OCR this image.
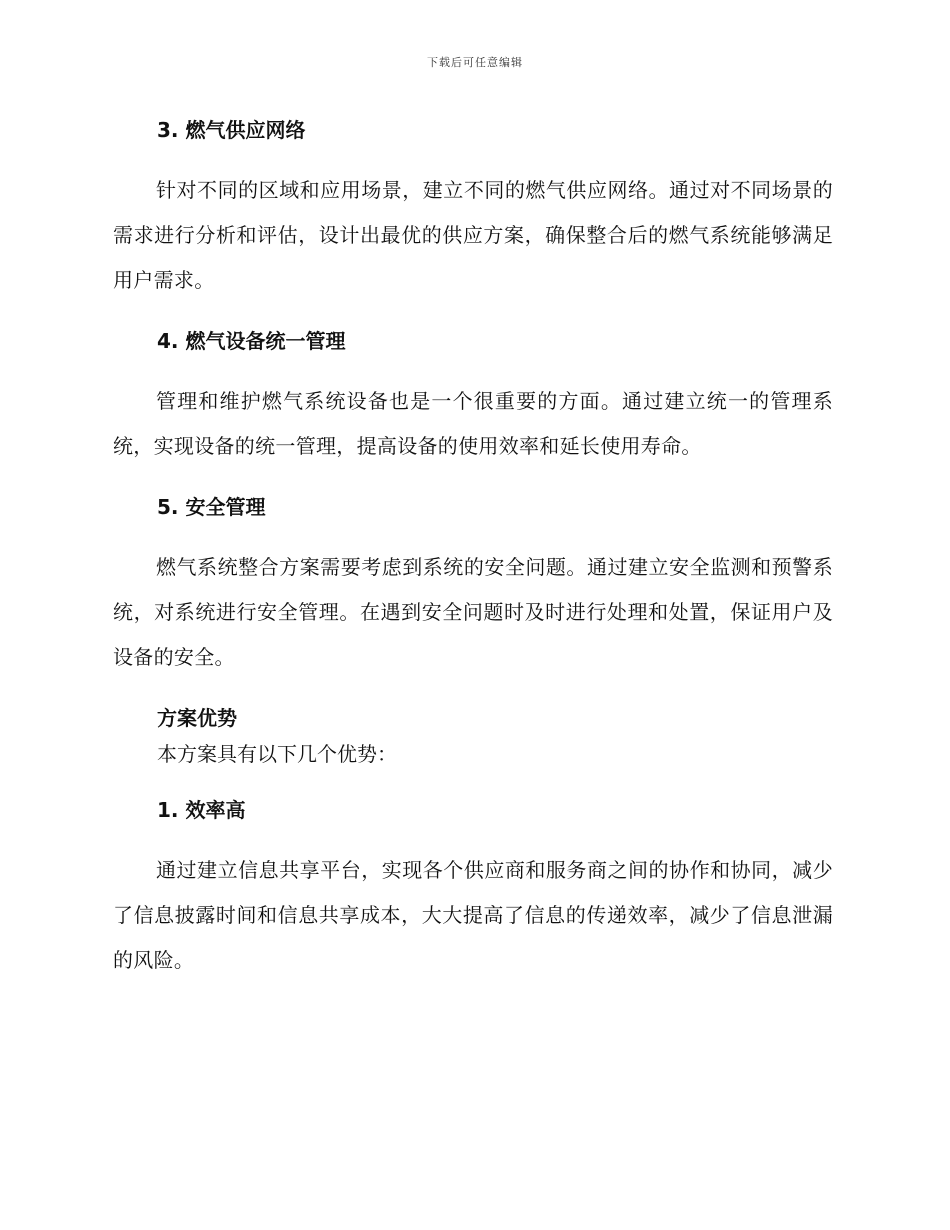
下载后可任意编辑
3. 燃气供应网络

针对不同的区域和应用场景，建立不同的燃气供应网络。通过对不同场景的需求进行分析和评估，设计出最优的供应方案，确保整合后的燃气系统能够满足用户需求。

4. 燃气设备统一管理

管理和维护燃气系统设备也是一个很重要的方面。通过建立统一的管理系统，实现设备的统一管理，提高设备的使用效率和延长使用寿命。

5. 安全管理

燃气系统整合方案需要考虑到系统的安全问题。通过建立安全监测和预警系统，对系统进行安全管理。在遇到安全问题时及时进行处理和处置，保证用户及设备的安全。

方案优势
本方案具有以下几个优势：
1. 效率高

通过建立信息共享平台，实现各个供应商和服务商之间的协作和协同，减少了信息披露时间和信息共享成本，大大提高了信息的传递效率，减少了信息泄漏的风险。
